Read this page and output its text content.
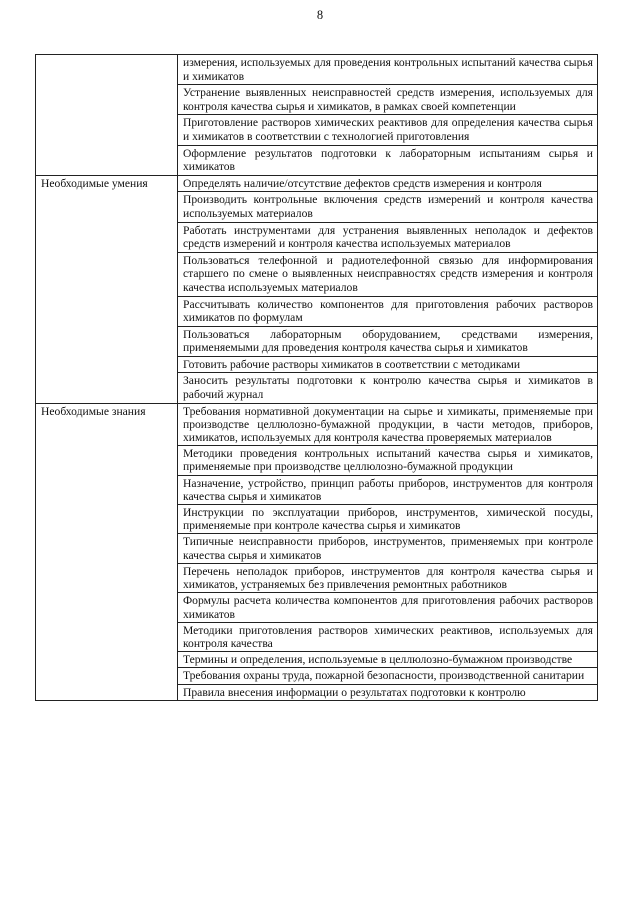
8
	измерения, используемых для проведения контрольных испытаний качества сырья и химикатов
	Устранение выявленных неисправностей средств измерения, используемых для контроля качества сырья и химикатов, в рамках своей компетенции
	Приготовление растворов химических реактивов для определения качества сырья и химикатов в соответствии с технологией приготовления
	Оформление результатов подготовки к лабораторным испытаниям сырья и химикатов
Необходимые умения	Определять наличие/отсутствие дефектов средств измерения и контроля
	Производить контрольные включения средств измерений и контроля качества используемых материалов
	Работать инструментами для устранения выявленных неполадок и дефектов средств измерений и контроля качества используемых материалов
	Пользоваться телефонной и радиотелефонной связью для информирования старшего по смене о выявленных неисправностях средств измерения и контроля качества используемых материалов
	Рассчитывать количество компонентов для приготовления рабочих растворов химикатов по формулам
	Пользоваться лабораторным оборудованием, средствами измерения, применяемыми для проведения контроля качества сырья и химикатов
	Готовить рабочие растворы химикатов в соответствии с методиками
	Заносить результаты подготовки к контролю качества сырья и химикатов в рабочий журнал
Необходимые знания	Требования нормативной документации на сырье и химикаты, применяемые при производстве целлюлозно-бумажной продукции, в части методов, приборов, химикатов, используемых для контроля качества проверяемых материалов
	Методики проведения контрольных испытаний качества сырья и химикатов, применяемые при производстве целлюлозно-бумажной продукции
	Назначение, устройство, принцип работы приборов, инструментов для контроля качества сырья и химикатов
	Инструкции по эксплуатации приборов, инструментов, химической посуды, применяемые при контроле качества сырья и химикатов
	Типичные неисправности приборов, инструментов, применяемых при контроле качества сырья и химикатов
	Перечень неполадок приборов, инструментов для контроля качества сырья и химикатов, устраняемых без привлечения ремонтных работников
	Формулы расчета количества компонентов для приготовления рабочих растворов химикатов
	Методики приготовления растворов химических реактивов, используемых для контроля качества
	Термины и определения, используемые в целлюлозно-бумажном производстве
	Требования охраны труда, пожарной безопасности, производственной санитарии
	Правила внесения информации о результатах подготовки к контролю
